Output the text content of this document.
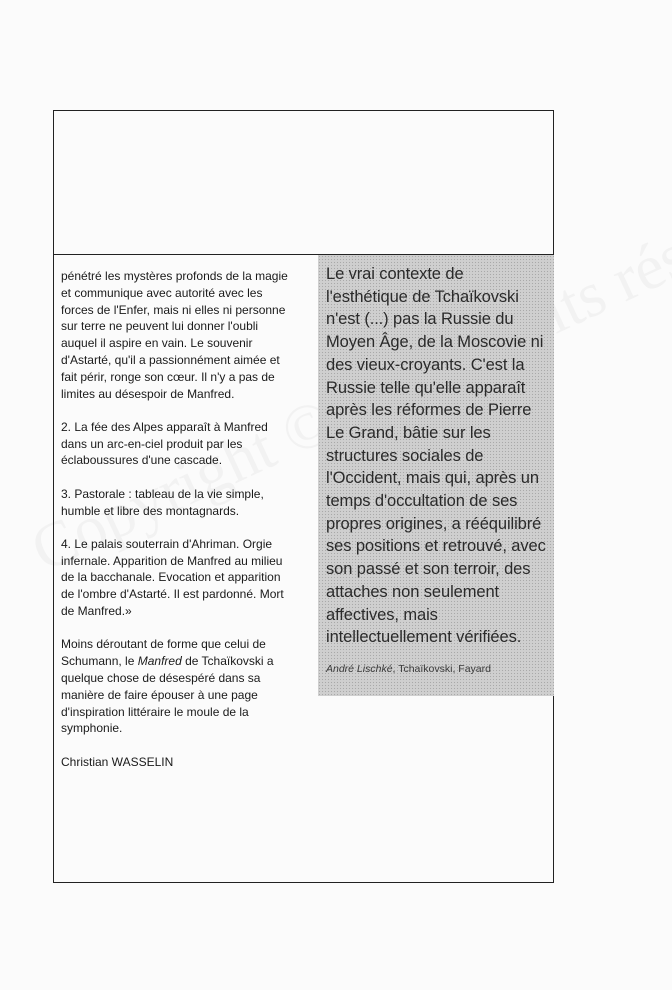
pénétré les mystères profonds de la magie et communique avec autorité avec les forces de l'Enfer, mais ni elles ni personne sur terre ne peuvent lui donner l'oubli auquel il aspire en vain. Le souvenir d'Astarté, qu'il a passionnément aimée et fait périr, ronge son cœur. Il n'y a pas de limites au désespoir de Manfred.

2. La fée des Alpes apparaît à Manfred dans un arc-en-ciel produit par les éclaboussures d'une cascade.

3. Pastorale : tableau de la vie simple, humble et libre des montagnards.

4. Le palais souterrain d'Ahriman. Orgie infernale. Apparition de Manfred au milieu de la bacchanale. Evocation et apparition de l'ombre d'Astarté. Il est pardonné. Mort de Manfred.»

Moins déroutant de forme que celui de Schumann, le Manfred de Tchaïkovski a quelque chose de désespéré dans sa manière de faire épouser à une page d'inspiration littéraire le moule de la symphonie.

Christian WASSELIN

Le vrai contexte de l'esthétique de Tchaïkovski n'est (...) pas la Russie du Moyen Âge, de la Moscovie ni des vieux-croyants. C'est la Russie telle qu'elle apparaît après les réformes de Pierre Le Grand, bâtie sur les structures sociales de l'Occident, mais qui, après un temps d'occultation de ses propres origines, a rééquilibré ses positions et retrouvé, avec son passé et son terroir, des attaches non seulement affectives, mais intellectuellement vérifiées.

André Lischké, Tchaïkovski, Fayard
